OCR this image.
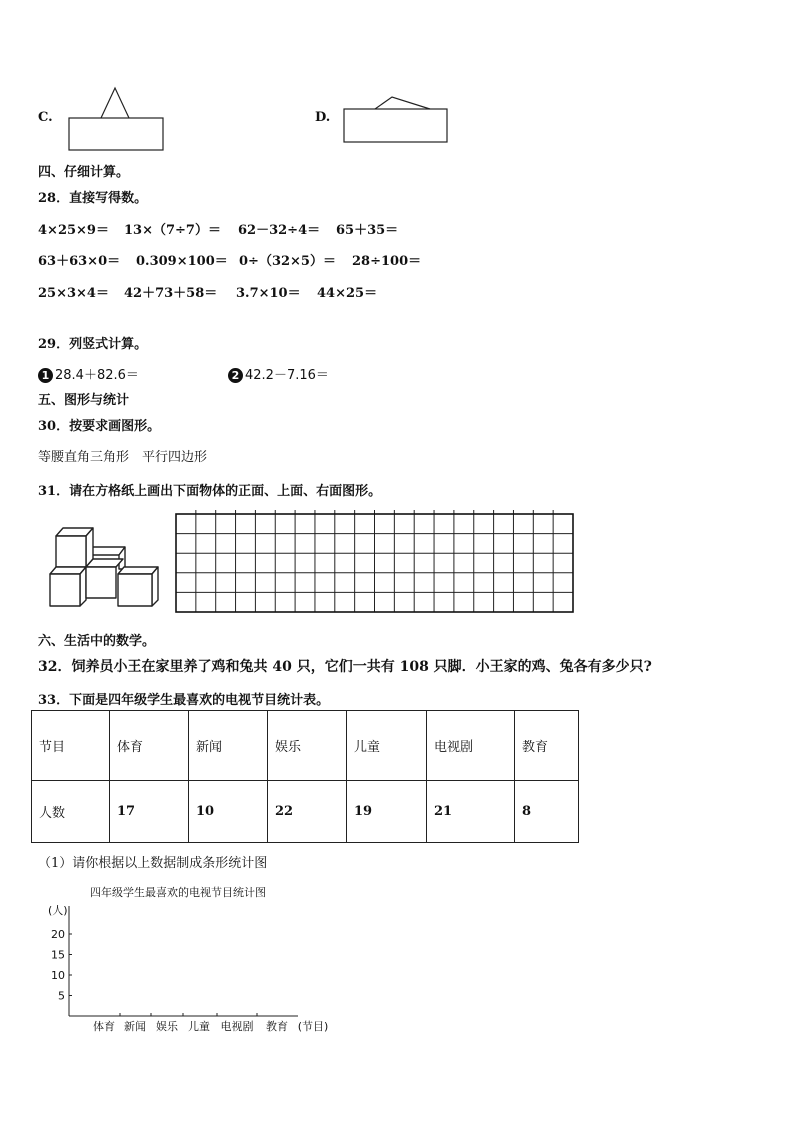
C.	D.
四、仔细计算。
28．直接写得数。
4×25×9＝ 13×（7÷7）＝ 62－32÷4＝ 65＋35＝
63＋63×0＝ 0.309×100＝ 0÷（32×5）＝ 28÷100＝
25×3×4＝ 42＋73＋58＝ 3.7×10＝ 44×25＝
29．列竖式计算。
1 28.4＋82.6＝	2 42.2－7.16＝
五、图形与统计
30．按要求画图形。
等腰直角三角形　平行四边形
31．请在方格纸上画出下面物体的正面、上面、右面图形。
六、生活中的数学。
32．饲养员小王在家里养了鸡和兔共 40 只，它们一共有 108 只脚．小王家的鸡、兔各有多少只?
33．下面是四年级学生最喜欢的电视节目统计表。
节目	体育	新闻	娱乐	儿童	电视剧	教育
人数	17	10	22	19	21	8
（1）请你根据以上数据制成条形统计图
四年级学生最喜欢的电视节目统计图
(人)
5
10
15
20
体育 新闻 娱乐 儿童 电视剧 教育 (节目)
